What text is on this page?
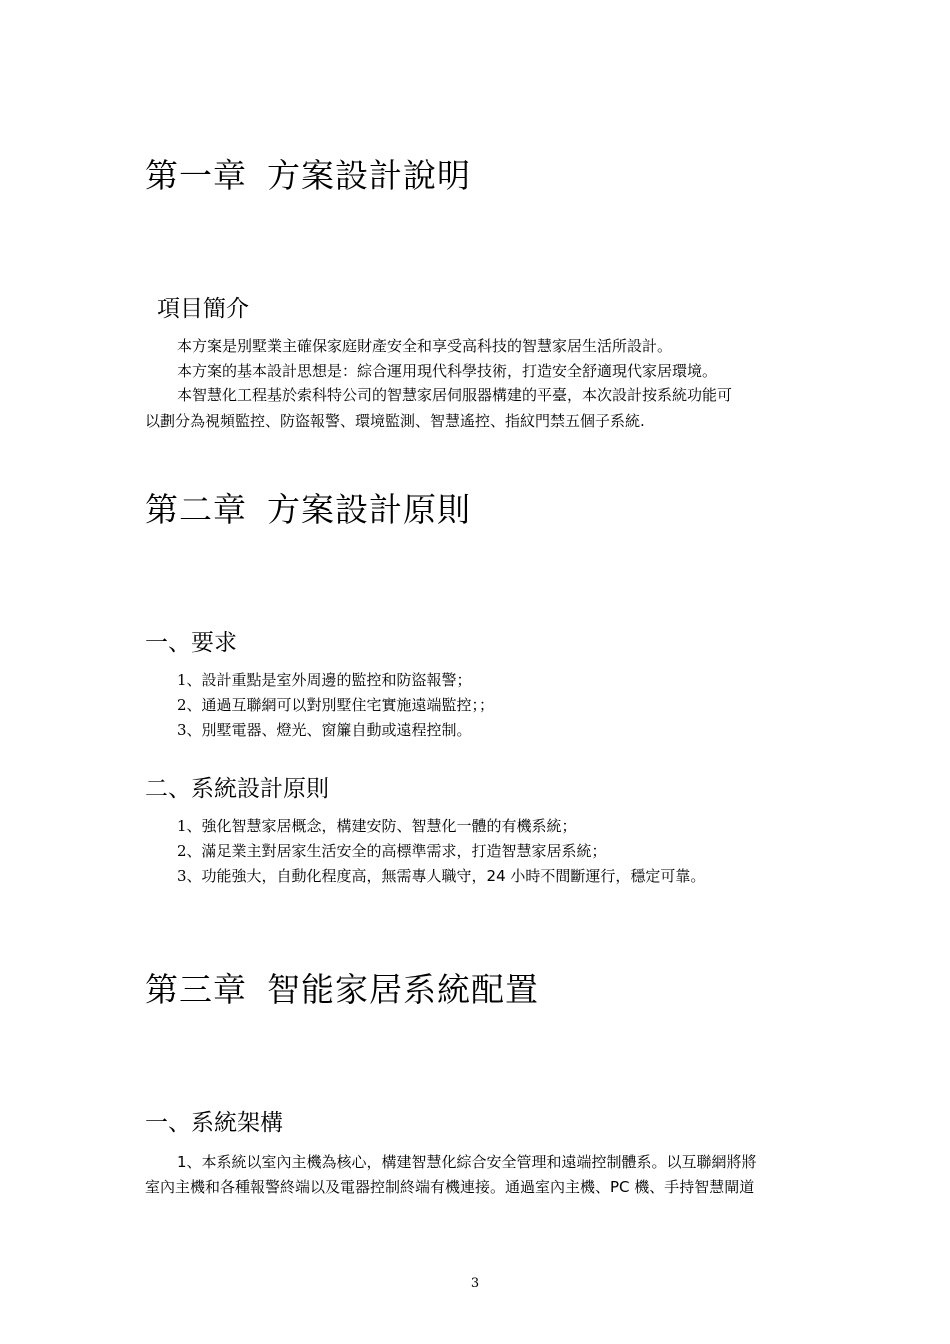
第一章 方案設計說明
項目簡介
本方案是別墅業主確保家庭財產安全和享受高科技的智慧家居生活所設計。
本方案的基本設計思想是：綜合運用現代科學技術，打造安全舒適現代家居環境。
本智慧化工程基於索科特公司的智慧家居伺服器構建的平臺，本次設計按系統功能可
以劃分為視頻監控、防盜報警、環境監測、智慧遙控、指紋門禁五個子系統.
第二章 方案設計原則
一、要求
1、設計重點是室外周邊的監控和防盜報警；
2、通過互聯網可以對別墅住宅實施遠端監控；；
3、別墅電器、燈光、窗簾自動或遠程控制。
二、系統設計原則
1、強化智慧家居概念，構建安防、智慧化一體的有機系統；
2、滿足業主對居家生活安全的高標準需求，打造智慧家居系統；
3、功能強大，自動化程度高，無需專人職守，24 小時不間斷運行，穩定可靠。
第三章 智能家居系統配置
一、系統架構
1、本系統以室內主機為核心，構建智慧化綜合安全管理和遠端控制體系。以互聯網將將
室內主機和各種報警終端以及電器控制終端有機連接。通過室內主機、PC 機、手持智慧閘道
3
